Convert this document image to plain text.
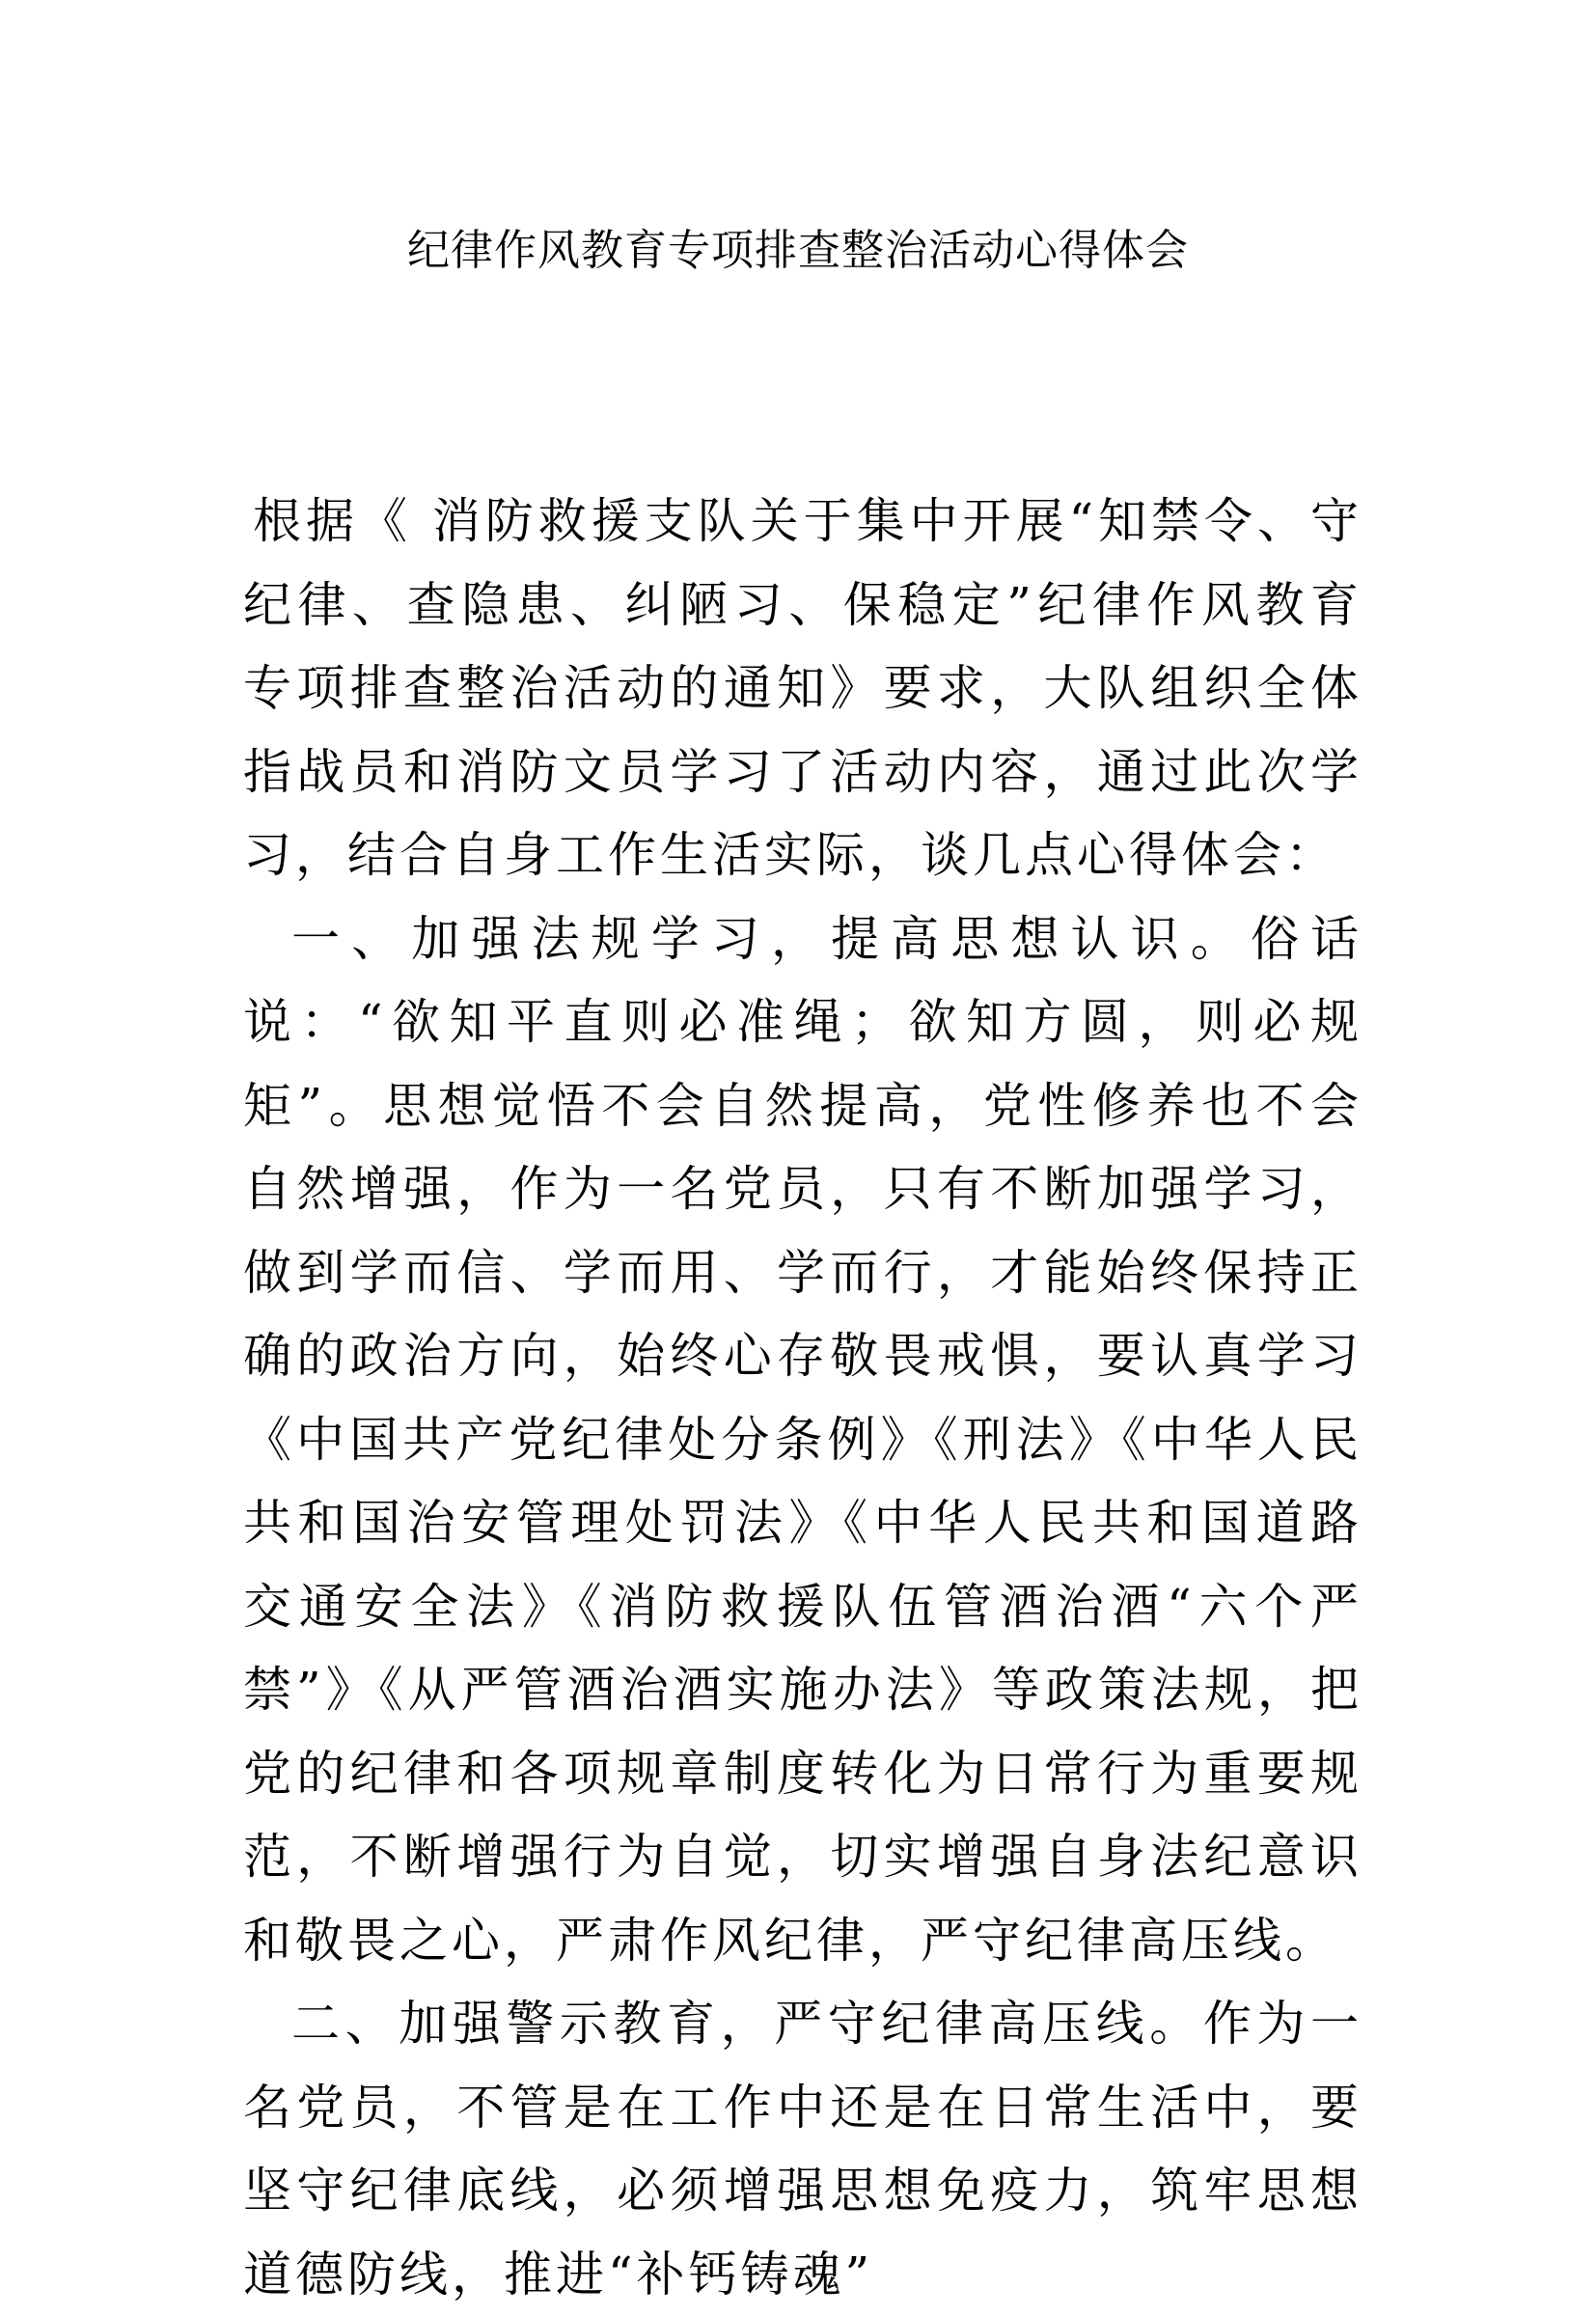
纪律作风教育专项排查整治活动心得体会

根据《 消防救援支队关于集中开展“知禁令、守纪律、查隐患、纠陋习、保稳定”纪律作风教育专项排查整治活动的通知》要求，大队组织全体指战员和消防文员学习了活动内容，通过此次学习，结合自身工作生活实际，谈几点心得体会：

一、加强法规学习，提高思想认识。俗话说：“欲知平直则必准绳；欲知方圆，则必规矩”。思想觉悟不会自然提高，党性修养也不会自然增强，作为一名党员，只有不断加强学习，做到学而信、学而用、学而行，才能始终保持正确的政治方向，始终心存敬畏戒惧，要认真学习《中国共产党纪律处分条例》《刑法》《中华人民共和国治安管理处罚法》《中华人民共和国道路交通安全法》《消防救援队伍管酒治酒“六个严禁”》《从严管酒治酒实施办法》等政策法规，把党的纪律和各项规章制度转化为日常行为重要规范，不断增强行为自觉，切实增强自身法纪意识和敬畏之心，严肃作风纪律，严守纪律高压线。

二、加强警示教育，严守纪律高压线。作为一名党员，不管是在工作中还是在日常生活中，要坚守纪律底线，必须增强思想免疫力，筑牢思想道德防线，推进“补钙铸魂”
